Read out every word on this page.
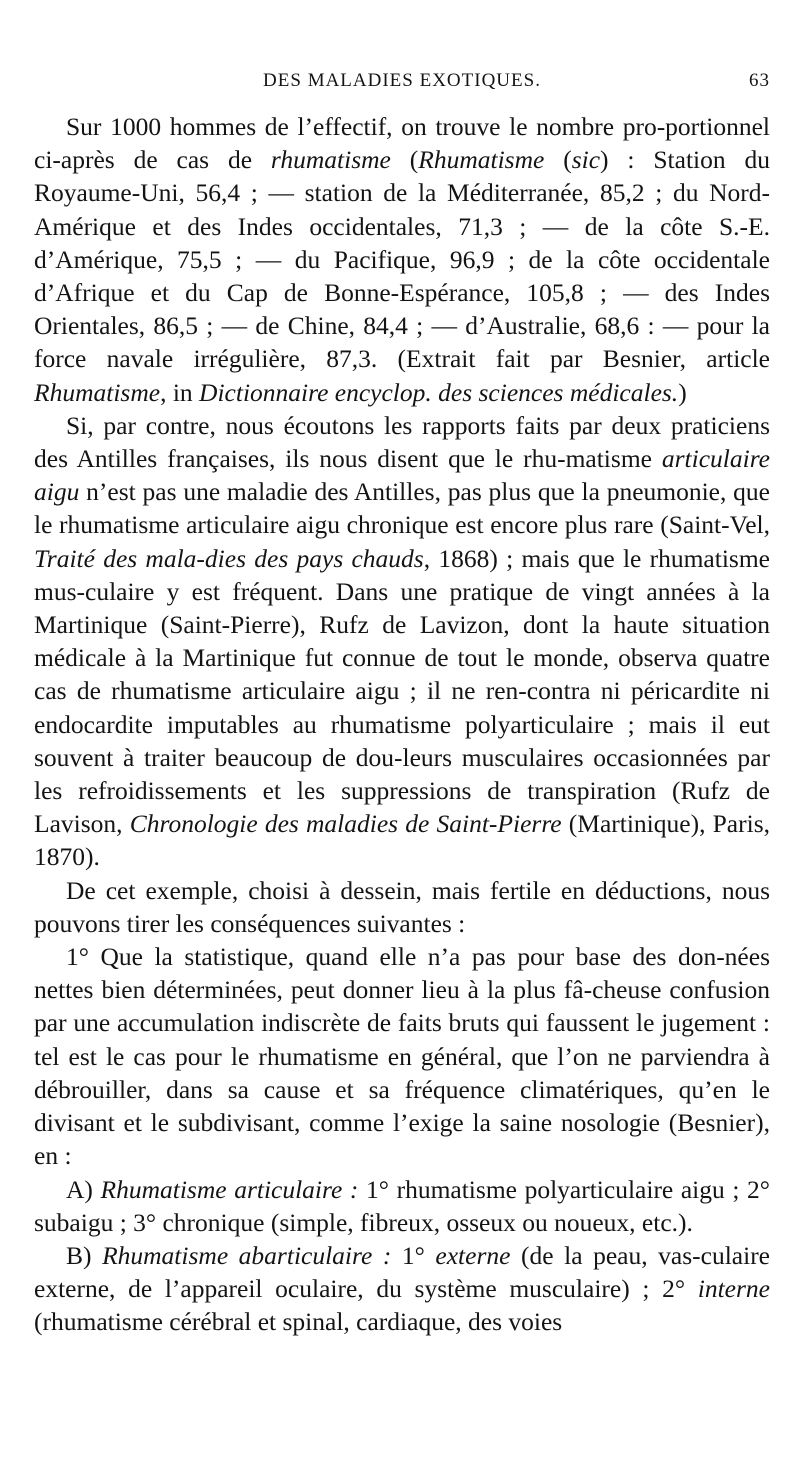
DES MALADIES EXOTIQUES.	63

Sur 1000 hommes de l’effectif, on trouve le nombre pro-portionnel ci-après de cas de rhumatisme (Rhumatisme (sic) : Station du Royaume-Uni, 56,4 ; — station de la Méditerranée, 85,2 ; du Nord-Amérique et des Indes occidentales, 71,3 ; — de la côte S.-E. d’Amérique, 75,5 ; — du Pacifique, 96,9 ; de la côte occidentale d’Afrique et du Cap de Bonne-Espérance, 105,8 ; — des Indes Orientales, 86,5 ; — de Chine, 84,4 ; — d’Australie, 68,6 : — pour la force navale irrégulière, 87,3. (Extrait fait par Besnier, article Rhumatisme, in Dictionnaire encyclop. des sciences médicales.)

Si, par contre, nous écoutons les rapports faits par deux praticiens des Antilles françaises, ils nous disent que le rhu-matisme articulaire aigu n’est pas une maladie des Antilles, pas plus que la pneumonie, que le rhumatisme articulaire aigu chronique est encore plus rare (Saint-Vel, Traité des mala-dies des pays chauds, 1868) ; mais que le rhumatisme mus-culaire y est fréquent. Dans une pratique de vingt années à la Martinique (Saint-Pierre), Rufz de Lavizon, dont la haute situation médicale à la Martinique fut connue de tout le monde, observa quatre cas de rhumatisme articulaire aigu ; il ne ren-contra ni péricardite ni endocardite imputables au rhumatisme polyarticulaire ; mais il eut souvent à traiter beaucoup de dou-leurs musculaires occasionnées par les refroidissements et les suppressions de transpiration (Rufz de Lavison, Chronologie des maladies de Saint-Pierre (Martinique), Paris, 1870).

De cet exemple, choisi à dessein, mais fertile en déductions, nous pouvons tirer les conséquences suivantes :

1° Que la statistique, quand elle n’a pas pour base des don-nées nettes bien déterminées, peut donner lieu à la plus fâ-cheuse confusion par une accumulation indiscrète de faits bruts qui faussent le jugement : tel est le cas pour le rhumatisme en général, que l’on ne parviendra à débrouiller, dans sa cause et sa fréquence climatériques, qu’en le divisant et le subdivisant, comme l’exige la saine nosologie (Besnier), en :

A) Rhumatisme articulaire : 1° rhumatisme polyarticulaire aigu ; 2° subaigu ; 3° chronique (simple, fibreux, osseux ou noueux, etc.).

B) Rhumatisme abarticulaire : 1° externe (de la peau, vas-culaire externe, de l’appareil oculaire, du système musculaire) ; 2° interne (rhumatisme cérébral et spinal, cardiaque, des voies
